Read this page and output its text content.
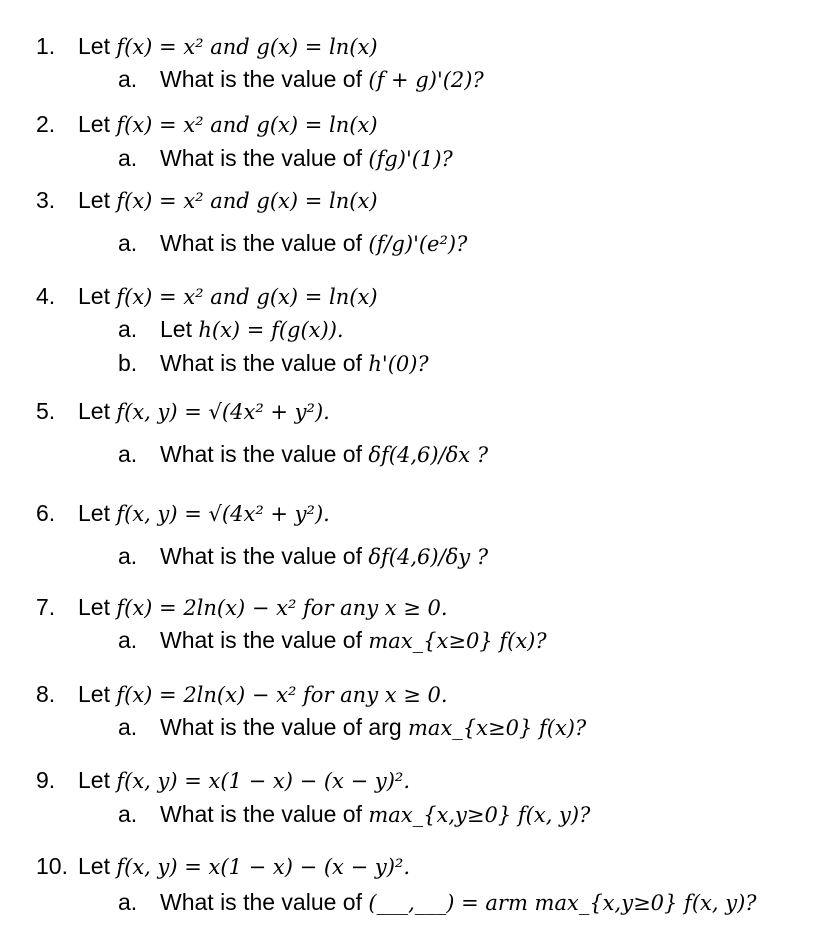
1. Let f(x) = x² and g(x) = ln(x)
a. What is the value of (f + g)'(2)?
2. Let f(x) = x² and g(x) = ln(x)
a. What is the value of (fg)'(1)?
3. Let f(x) = x² and g(x) = ln(x)
a. What is the value of (f/g)'(e²)?
4. Let f(x) = x² and g(x) = ln(x)
a. Let h(x) = f(g(x)).
b. What is the value of h'(0)?
5. Let f(x, y) = √(4x² + y²).
a. What is the value of δf(4,6)/δx ?
6. Let f(x, y) = √(4x² + y²).
a. What is the value of δf(4,6)/δy ?
7. Let f(x) = 2ln(x) − x² for any x ≥ 0.
a. What is the value of max_{x≥0} f(x)?
8. Let f(x) = 2ln(x) − x² for any x ≥ 0.
a. What is the value of arg max_{x≥0} f(x)?
9. Let f(x, y) = x(1 − x) − (x − y)².
a. What is the value of max_{x,y≥0} f(x, y)?
10. Let f(x, y) = x(1 − x) − (x − y)².
a. What is the value of (___,___) = arm max_{x,y≥0} f(x, y)?
